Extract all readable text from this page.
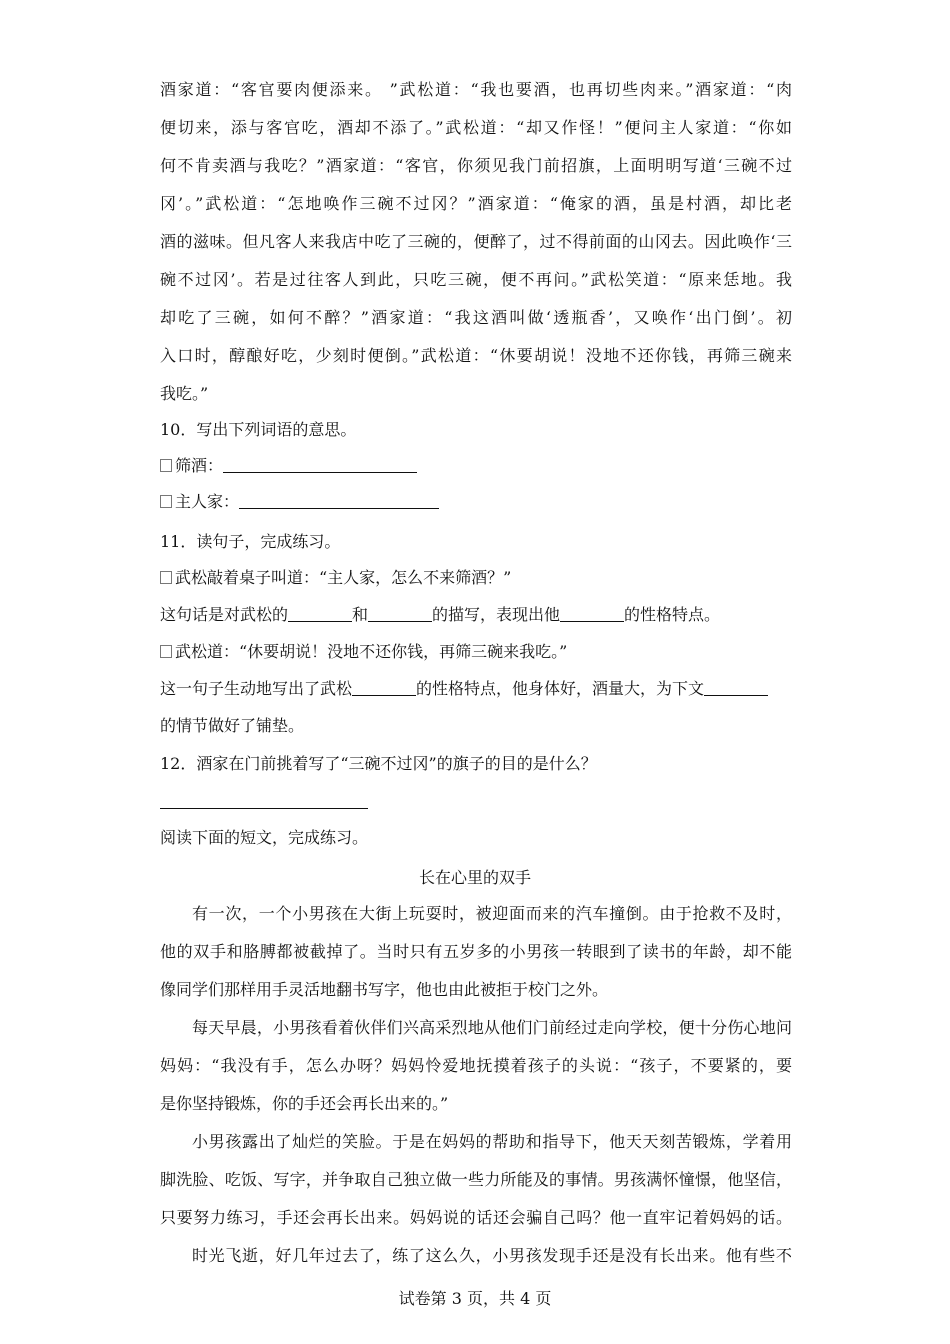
酒家道：“客官要肉便添来。 ”武松道：“我也要酒，也再切些肉来。”酒家道：“肉
便切来，添与客官吃，酒却不添了。”武松道：“却又作怪！”便问主人家道：“你如
何不肯卖酒与我吃？”酒家道：“客官，你须见我门前招旗，上面明明写道‘三碗不过
冈’。”武松道：“怎地唤作三碗不过冈？”酒家道：“俺家的酒，虽是村酒，却比老
酒的滋味。但凡客人来我店中吃了三碗的，便醉了，过不得前面的山冈去。因此唤作‘三
碗不过冈’。若是过往客人到此，只吃三碗，便不再问。”武松笑道：“原来恁地。我
却吃了三碗，如何不醉？”酒家道：“我这酒叫做‘透瓶香’，又唤作‘出门倒’。初
入口时，醇酿好吃，少刻时便倒。”武松道：“休要胡说！没地不还你钱，再筛三碗来
我吃。”
10．写出下列词语的意思。
筛酒：
主人家：
11．读句子，完成练习。
武松敲着桌子叫道：“主人家，怎么不来筛酒？”
这句话是对武松的	和	的描写，表现出他	的性格特点。
武松道：“休要胡说！没地不还你钱，再筛三碗来我吃。”
这一句子生动地写出了武松	的性格特点，他身体好，酒量大，为下文
的情节做好了铺垫。
12．酒家在门前挑着写了“三碗不过冈”的旗子的目的是什么？
阅读下面的短文，完成练习。
长在心里的双手
有一次，一个小男孩在大街上玩耍时，被迎面而来的汽车撞倒。由于抢救不及时，
他的双手和胳膊都被截掉了。当时只有五岁多的小男孩一转眼到了读书的年龄，却不能
像同学们那样用手灵活地翻书写字，他也由此被拒于校门之外。
每天早晨，小男孩看着伙伴们兴高采烈地从他们门前经过走向学校，便十分伤心地问
妈妈：“我没有手，怎么办呀？妈妈怜爱地抚摸着孩子的头说：“孩子，不要紧的，要
是你坚持锻炼，你的手还会再长出来的。”
小男孩露出了灿烂的笑脸。于是在妈妈的帮助和指导下，他天天刻苦锻炼，学着用
脚洗脸、吃饭、写字，并争取自己独立做一些力所能及的事情。男孩满怀憧憬，他坚信，
只要努力练习，手还会再长出来。妈妈说的话还会骗自己吗？他一直牢记着妈妈的话。
时光飞逝，好几年过去了，练了这么久，小男孩发现手还是没有长出来。他有些不
试卷第 3 页，共 4 页
